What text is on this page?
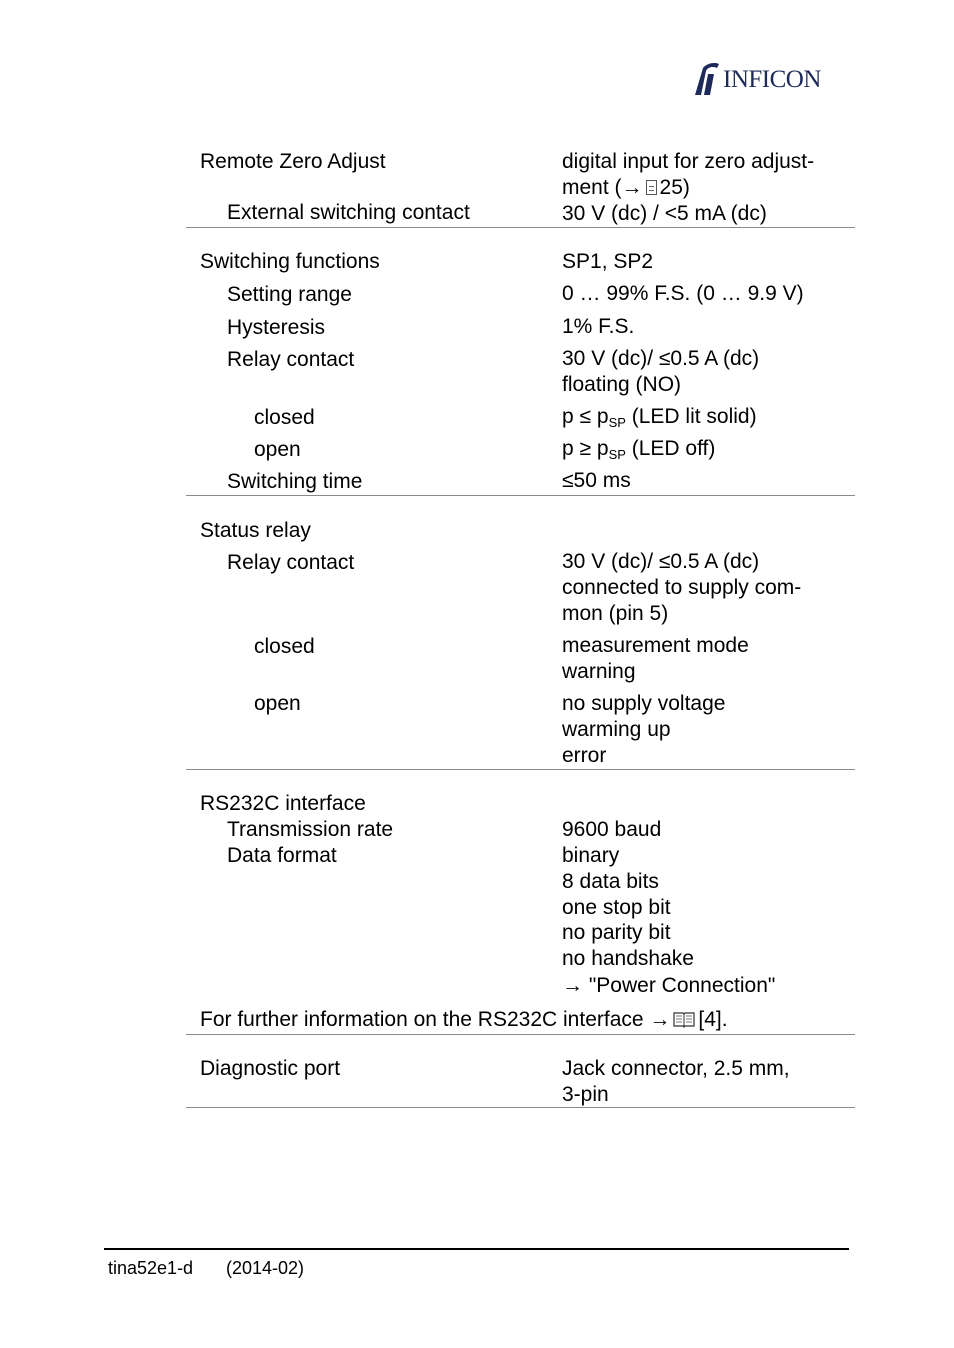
INFICON
Remote Zero Adjust	digital input for zero adjust-
ment (→ 25)
External switching contact	30 V (dc) / <5 mA (dc)
Switching functions	SP1, SP2
Setting range	0 … 99% F.S. (0 … 9.9 V)
Hysteresis	1% F.S.
Relay contact	30 V (dc)/ ≤0.5 A (dc)
floating (NO)
closed	$p \le p_{SP}$ (LED lit solid)
open	$p \ge p_{SP}$ (LED off)
Switching time	≤50 ms
Status relay
Relay contact	30 V (dc)/ ≤0.5 A (dc)
connected to supply com-
mon (pin 5)
closed	measurement mode
warning
open	no supply voltage
warming up
error
RS232C interface
Transmission rate	9600 baud
Data format	binary
8 data bits
one stop bit
no parity bit
no handshake
→ "Power Connection"
For further information on the RS232C interface → [4].
Diagnostic port	Jack connector, 2.5 mm,
3-pin
tina52e1-d (2014-02)
